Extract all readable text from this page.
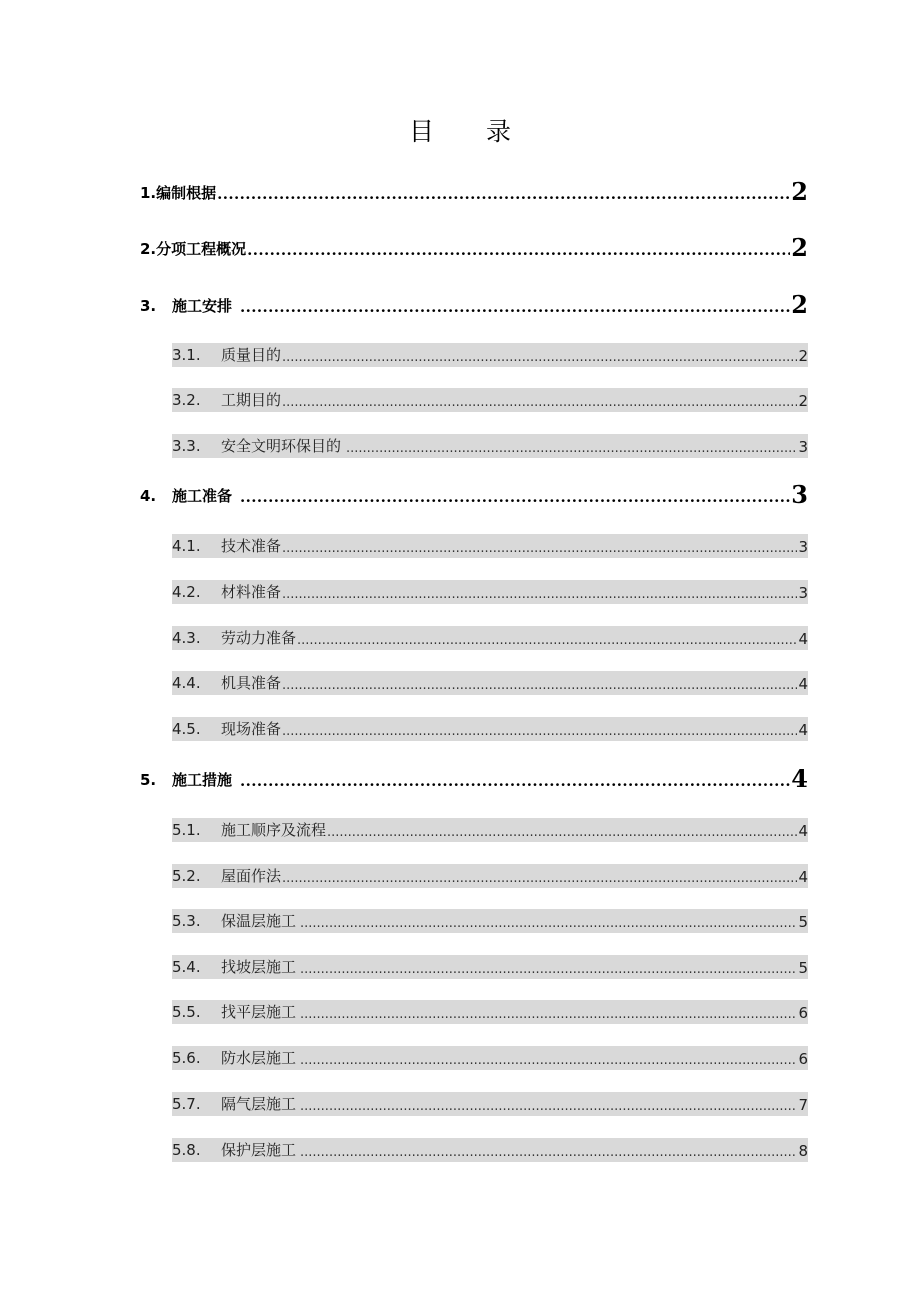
目 录
1.编制根据 .....	2
2.分项工程概况 .....	2
3. 施工安排 .....	2
3.1. 质量目的 .....	2
3.2. 工期目的 .....	2
3.3. 安全文明环保目的 .....	3
4. 施工准备 .....	3
4.1. 技术准备 .....	3
4.2. 材料准备 .....	3
4.3. 劳动力准备 .....	4
4.4. 机具准备 .....	4
4.5. 现场准备 .....	4
5. 施工措施 .....	4
5.1. 施工顺序及流程 .....	4
5.2. 屋面作法 .....	4
5.3. 保温层施工 .....	5
5.4. 找坡层施工 .....	5
5.5. 找平层施工 .....	6
5.6. 防水层施工 .....	6
5.7. 隔气层施工 .....	7
5.8. 保护层施工 .....	8
